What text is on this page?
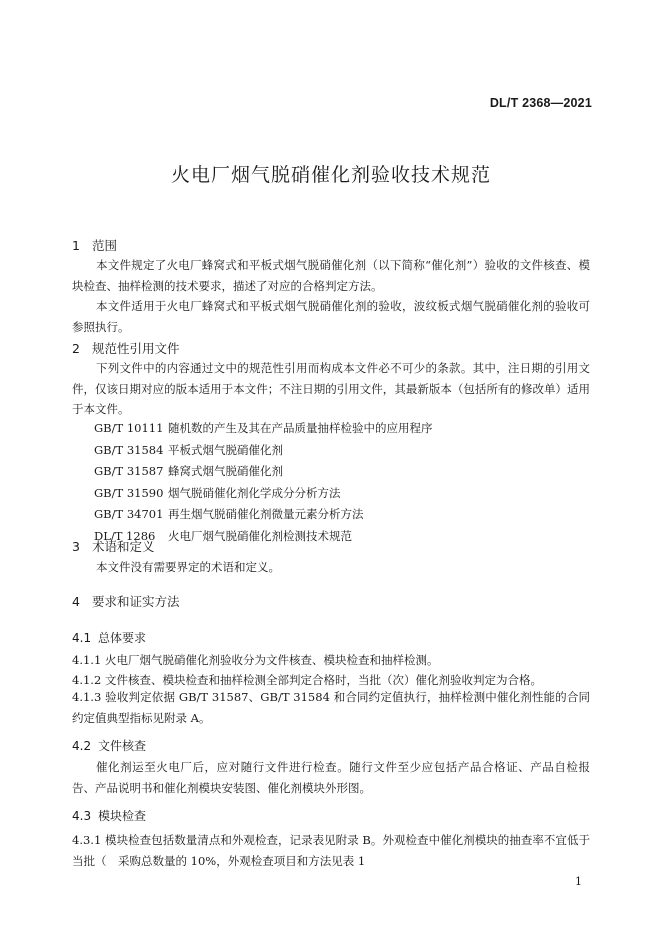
DL/T 2368—2021
火电厂烟气脱硝催化剂验收技术规范
1 范围
本文件规定了火电厂蜂窝式和平板式烟气脱硝催化剂（以下简称“催化剂”）验收的文件核查、模块检查、抽样检测的技术要求，描述了对应的合格判定方法。
本文件适用于火电厂蜂窝式和平板式烟气脱硝催化剂的验收，波纹板式烟气脱硝催化剂的验收可参照执行。
2 规范性引用文件
下列文件中的内容通过文中的规范性引用而构成本文件必不可少的条款。其中，注日期的引用文件，仅该日期对应的版本适用于本文件；不注日期的引用文件，其最新版本（包括所有的修改单）适用于本文件。
GB/T 10111 随机数的产生及其在产品质量抽样检验中的应用程序
GB/T 31584 平板式烟气脱硝催化剂
GB/T 31587 蜂窝式烟气脱硝催化剂
GB/T 31590 烟气脱硝催化剂化学成分分析方法
GB/T 34701 再生烟气脱硝催化剂微量元素分析方法
DL/T 1286 火电厂烟气脱硝催化剂检测技术规范
3 术语和定义
本文件没有需要界定的术语和定义。
4 要求和证实方法
4.1 总体要求
4.1.1 火电厂烟气脱硝催化剂验收分为文件核查、模块检查和抽样检测。
4.1.2 文件核查、模块检查和抽样检测全部判定合格时，当批（次）催化剂验收判定为合格。
4.1.3 验收判定依据 GB/T 31587、GB/T 31584 和合同约定值执行，抽样检测中催化剂性能的合同约定值典型指标见附录 A。
4.2 文件核查
催化剂运至火电厂后，应对随行文件进行检查。随行文件至少应包括产品合格证、产品自检报告、产品说明书和催化剂模块安装图、催化剂模块外形图。
4.3 模块检查
4.3.1 模块检查包括数量清点和外观检查，记录表见附录 B。外观检查中催化剂模块的抽查率不宜低于当批（　采购总数量的 10%，外观检查项目和方法见表 1
1
